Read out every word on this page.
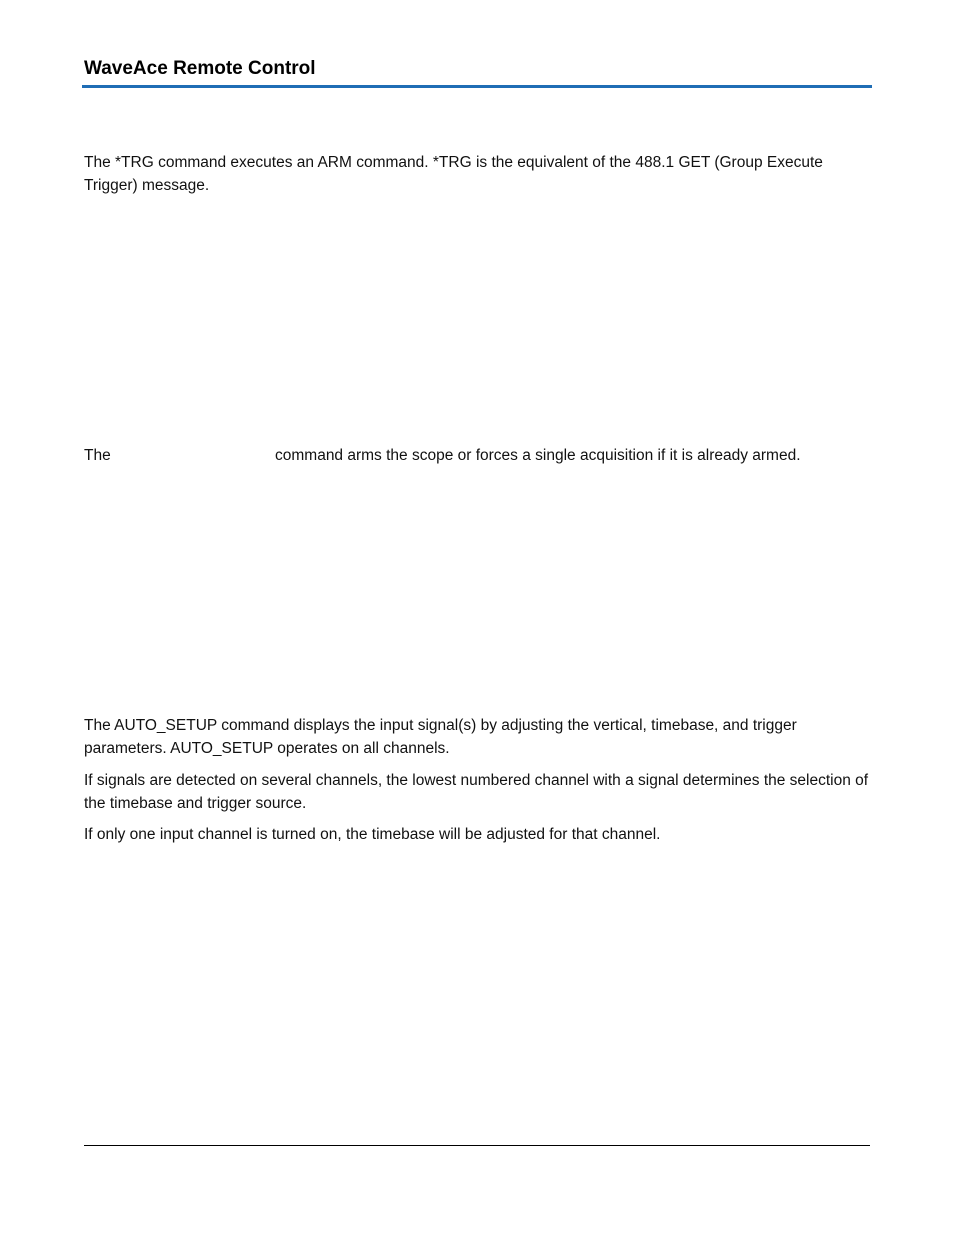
WaveAce Remote Control

The *TRG command executes an ARM command. *TRG is the equivalent of the 488.1 GET (Group Execute Trigger) message.

The	command arms the scope or forces a single acquisition if it is already armed.

The AUTO_SETUP command displays the input signal(s) by adjusting the vertical, timebase, and trigger parameters. AUTO_SETUP operates on all channels.

If signals are detected on several channels, the lowest numbered channel with a signal determines the selection of the timebase and trigger source.

If only one input channel is turned on, the timebase will be adjusted for that channel.
